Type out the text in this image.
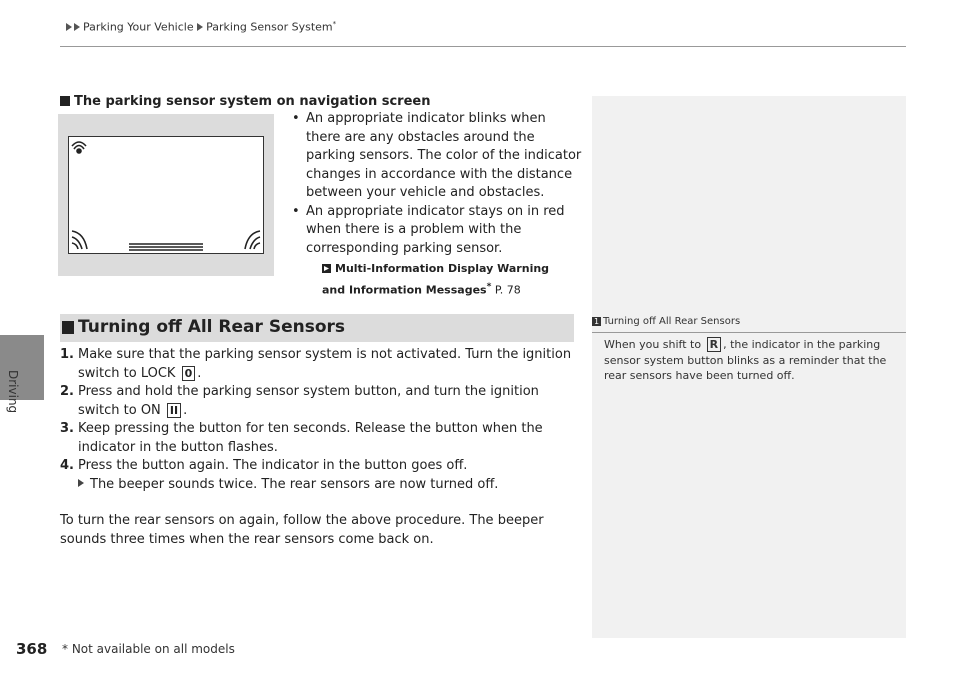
Parking Your Vehicle Parking Sensor System*
Driving
The parking sensor system on navigation screen
• An appropriate indicator blinks when there are any obstacles around the parking sensors. The color of the indicator changes in accordance with the distance between your vehicle and obstacles.
• An appropriate indicator stays on in red when there is a problem with the corresponding parking sensor.
Multi-Information Display Warning
and Information Messages* P. 78
Turning off All Rear Sensors
1. Make sure that the parking sensor system is not activated. Turn the ignition switch to LOCK 0 .
2. Press and hold the parking sensor system button, and turn the ignition switch to ON II .
3. Keep pressing the button for ten seconds. Release the button when the indicator in the button flashes.
4. Press the button again. The indicator in the button goes off.
The beeper sounds twice. The rear sensors are now turned off.
To turn the rear sensors on again, follow the above procedure. The beeper sounds three times when the rear sensors come back on.
1 Turning off All Rear Sensors
When you shift to R , the indicator in the parking sensor system button blinks as a reminder that the rear sensors have been turned off.
368 * Not available on all models
